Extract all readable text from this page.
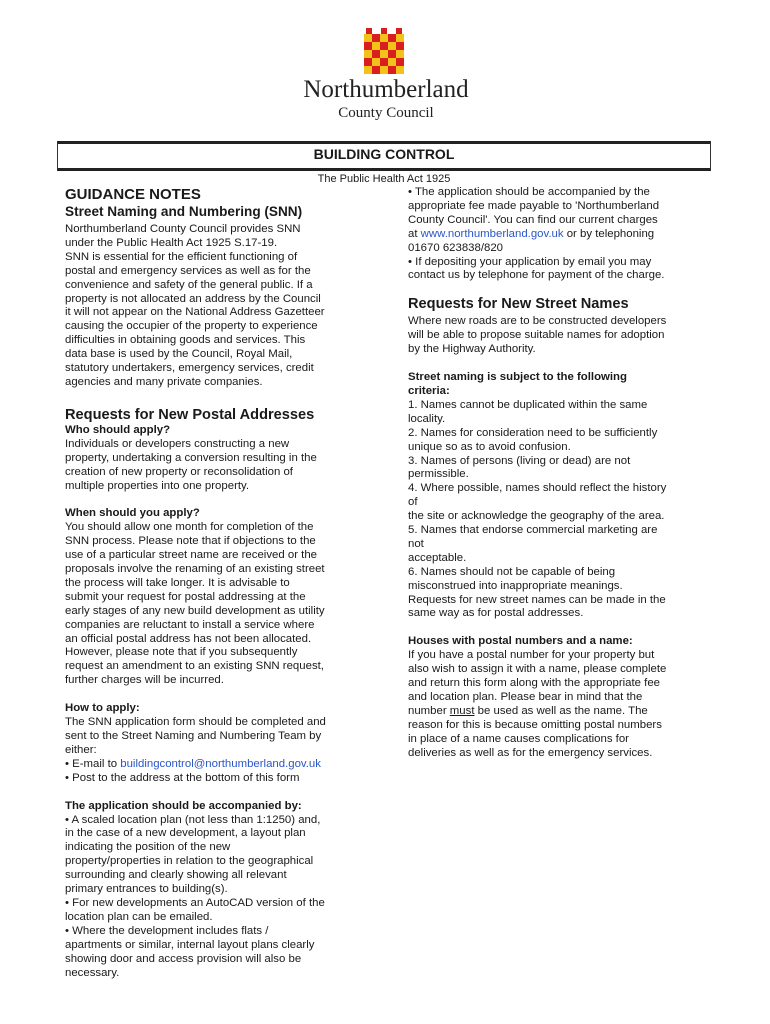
Northumberland
County Council
BUILDING CONTROL
The Public Health Act 1925

GUIDANCE NOTES

Street Naming and Numbering (SNN)

Northumberland County Council provides SNN

under the Public Health Act 1925 S.17-19.

SNN is essential for the efficient functioning of

postal and emergency services as well as for the

convenience and safety of the general public. If a

property is not allocated an address by the Council

it will not appear on the National Address Gazetteer

causing the occupier of the property to experience

difficulties in obtaining goods and services. This

data base is used by the Council, Royal Mail,

statutory undertakers, emergency services, credit

agencies and many private companies.

Requests for New Postal Addresses

Who should apply?

Individuals or developers constructing a new

property, undertaking a conversion resulting in the

creation of new property or reconsolidation of

multiple properties into one property.

When should you apply?

You should allow one month for completion of the

SNN process. Please note that if objections to the

use of a particular street name are received or the

proposals involve the renaming of an existing street

the process will take longer. It is advisable to

submit your request for postal addressing at the

early stages of any new build development as utility

companies are reluctant to install a service where

an official postal address has not been allocated.

However, please note that if you subsequently

request an amendment to an existing SNN request,

further charges will be incurred.

How to apply:

The SNN application form should be completed and

sent to the Street Naming and Numbering Team by

either:

• E-mail to buildingcontrol@northumberland.gov.uk

• Post to the address at the bottom of this form

The application should be accompanied by:

• A scaled location plan (not less than 1:1250) and,

in the case of a new development, a layout plan

indicating the position of the new

property/properties in relation to the geographical

surrounding and clearly showing all relevant

primary entrances to building(s).

• For new developments an AutoCAD version of the

location plan can be emailed.

• Where the development includes flats /

apartments or similar, internal layout plans clearly

showing door and access provision will also be

necessary.

• The application should be accompanied by the

appropriate fee made payable to 'Northumberland

County Council'. You can find our current charges

at www.northumberland.gov.uk or by telephoning

01670 623838/820

• If depositing your application by email you may

contact us by telephone for payment of the charge.

Requests for New Street Names

Where new roads are to be constructed developers

will be able to propose suitable names for adoption

by the Highway Authority.

Street naming is subject to the following

criteria:

1. Names cannot be duplicated within the same

locality.

2. Names for consideration need to be sufficiently

unique so as to avoid confusion.

3. Names of persons (living or dead) are not

permissible.

4. Where possible, names should reflect the history

of

the site or acknowledge the geography of the area.

5. Names that endorse commercial marketing are

not

acceptable.

6. Names should not be capable of being

misconstrued into inappropriate meanings.

Requests for new street names can be made in the

same way as for postal addresses.

Houses with postal numbers and a name:

If you have a postal number for your property but

also wish to assign it with a name, please complete

and return this form along with the appropriate fee

and location plan. Please bear in mind that the

number must be used as well as the name. The

reason for this is because omitting postal numbers

in place of a name causes complications for

deliveries as well as for the emergency services.
